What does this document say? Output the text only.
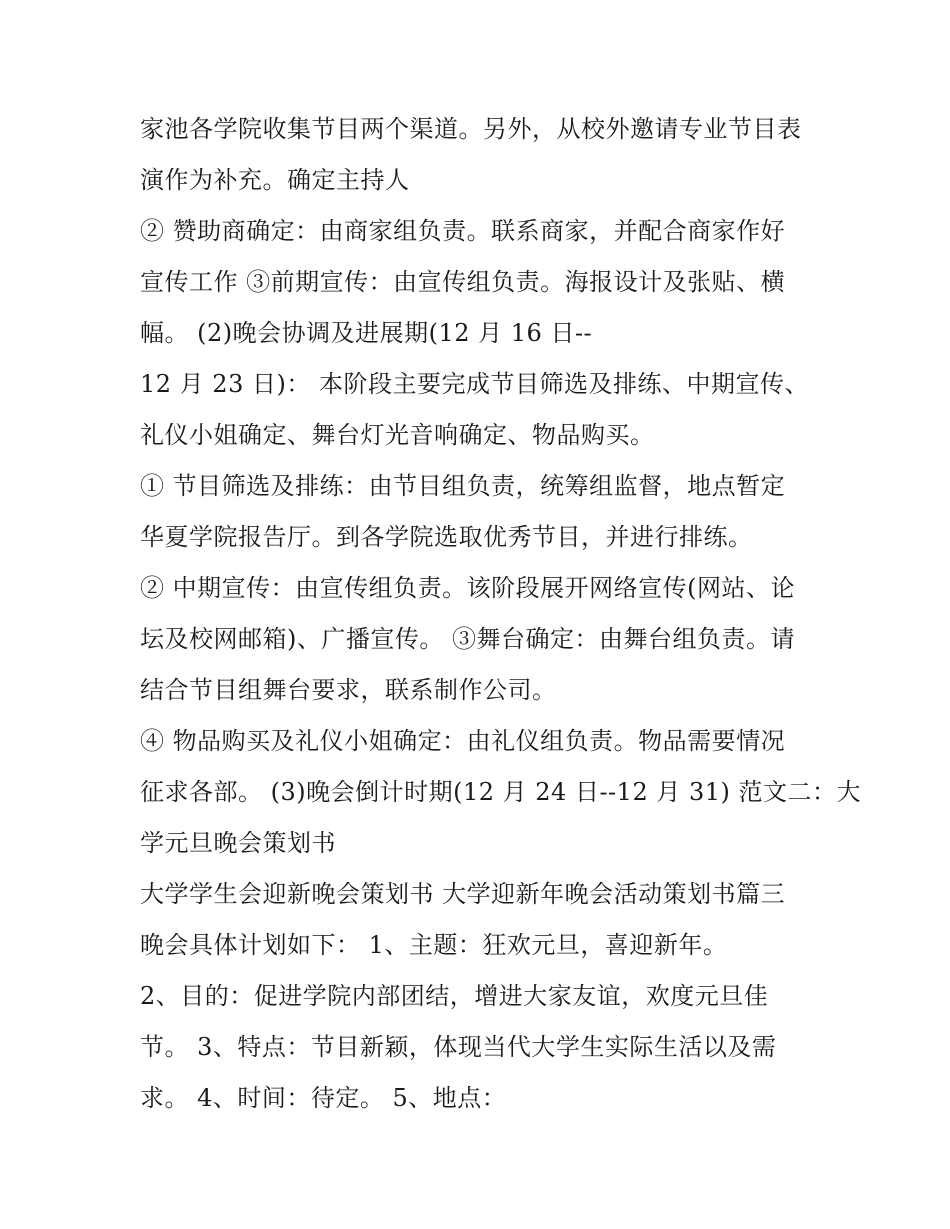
家池各学院收集节目两个渠道。另外，从校外邀请专业节目表
演作为补充。确定主持人
② 赞助商确定：由商家组负责。联系商家，并配合商家作好
宣传工作 ③前期宣传：由宣传组负责。海报设计及张贴、横
幅。 (2)晚会协调及进展期(12 月 16 日--
12 月 23 日)： 本阶段主要完成节目筛选及排练、中期宣传、
礼仪小姐确定、舞台灯光音响确定、物品购买。
① 节目筛选及排练：由节目组负责，统筹组监督，地点暂定
华夏学院报告厅。到各学院选取优秀节目，并进行排练。
② 中期宣传：由宣传组负责。该阶段展开网络宣传(网站、论
坛及校网邮箱)、广播宣传。 ③舞台确定：由舞台组负责。请
结合节目组舞台要求，联系制作公司。
④ 物品购买及礼仪小姐确定：由礼仪组负责。物品需要情况
征求各部。 (3)晚会倒计时期(12 月 24 日--12 月 31) 范文二：大
学元旦晚会策划书
大学学生会迎新晚会策划书 大学迎新年晚会活动策划书篇三
晚会具体计划如下： 1、主题：狂欢元旦，喜迎新年。
2、目的：促进学院内部团结，增进大家友谊，欢度元旦佳
节。 3、特点：节目新颖，体现当代大学生实际生活以及需
求。 4、时间：待定。 5、地点：
